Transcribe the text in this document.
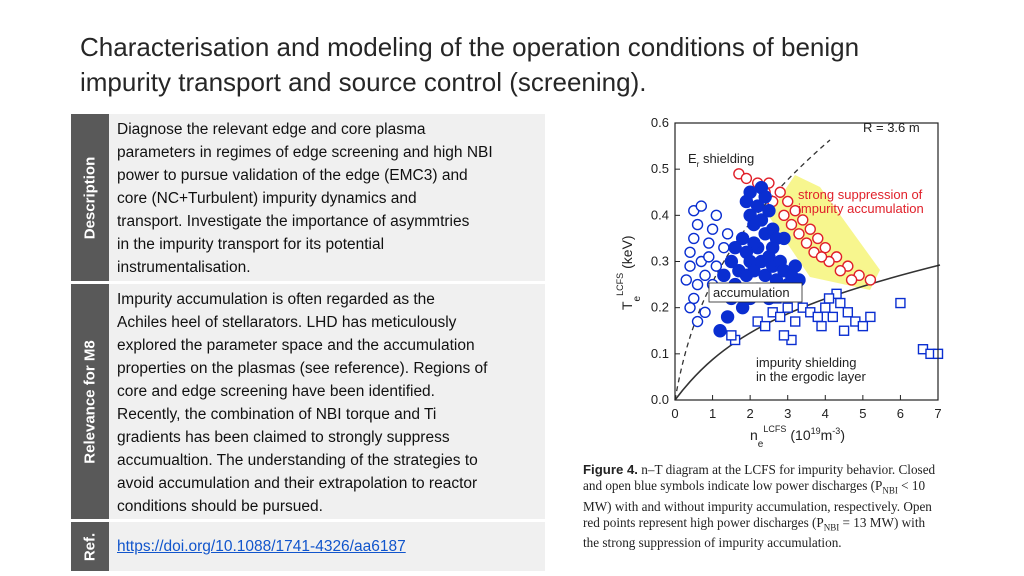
Characterisation and modeling of the operation conditions of benign
impurity transport and source control (screening).
Description
Diagnose the relevant edge and core plasma
parameters in regimes of edge screening and high NBI
power to pursue validation of the edge (EMC3) and
core (NC+Turbulent) impurity dynamics and
transport. Investigate the importance of asymmtries
in the impurity transport for its potential
instrumentalisation.
Relevance for M8
Impurity accumulation is often regarded as the
Achiles heel of stellarators. LHD has meticulously
explored the parameter space and the accumulation
properties on the plasmas (see reference). Regions of
core and edge screening have been identified.
Recently, the combination of NBI torque and Ti
gradients has been claimed to strongly suppress
accumualtion. The understanding of the strategies to
avoid accumulation and their extrapolation to reactor
conditions should be pursued.
Ref. https://doi.org/10.1088/1741-4326/aa6187
0 1 2 3 4 5 6 7
0.0
0.1
0.2
0.3
0.4
0.5
0.6	R = 3.6 m
$E_r$ shielding
strong suppression of
impurity accumulation
accumulation
impurity shielding
in the ergodic layer
$T_e^{LCFS}(keV)$
$n_e^{LCFS}$ $(10^{19}m^{-3})$
Figure 4. n–T diagram at the LCFS for impurity behavior. Closed
and open blue symbols indicate low power discharges ($P_{NBI} < 10$
MW) with and without impurity accumulation, respectively. Open
red points represent high power discharges ($P_{NBI} = 13$ MW) with
the strong suppression of impurity accumulation.
